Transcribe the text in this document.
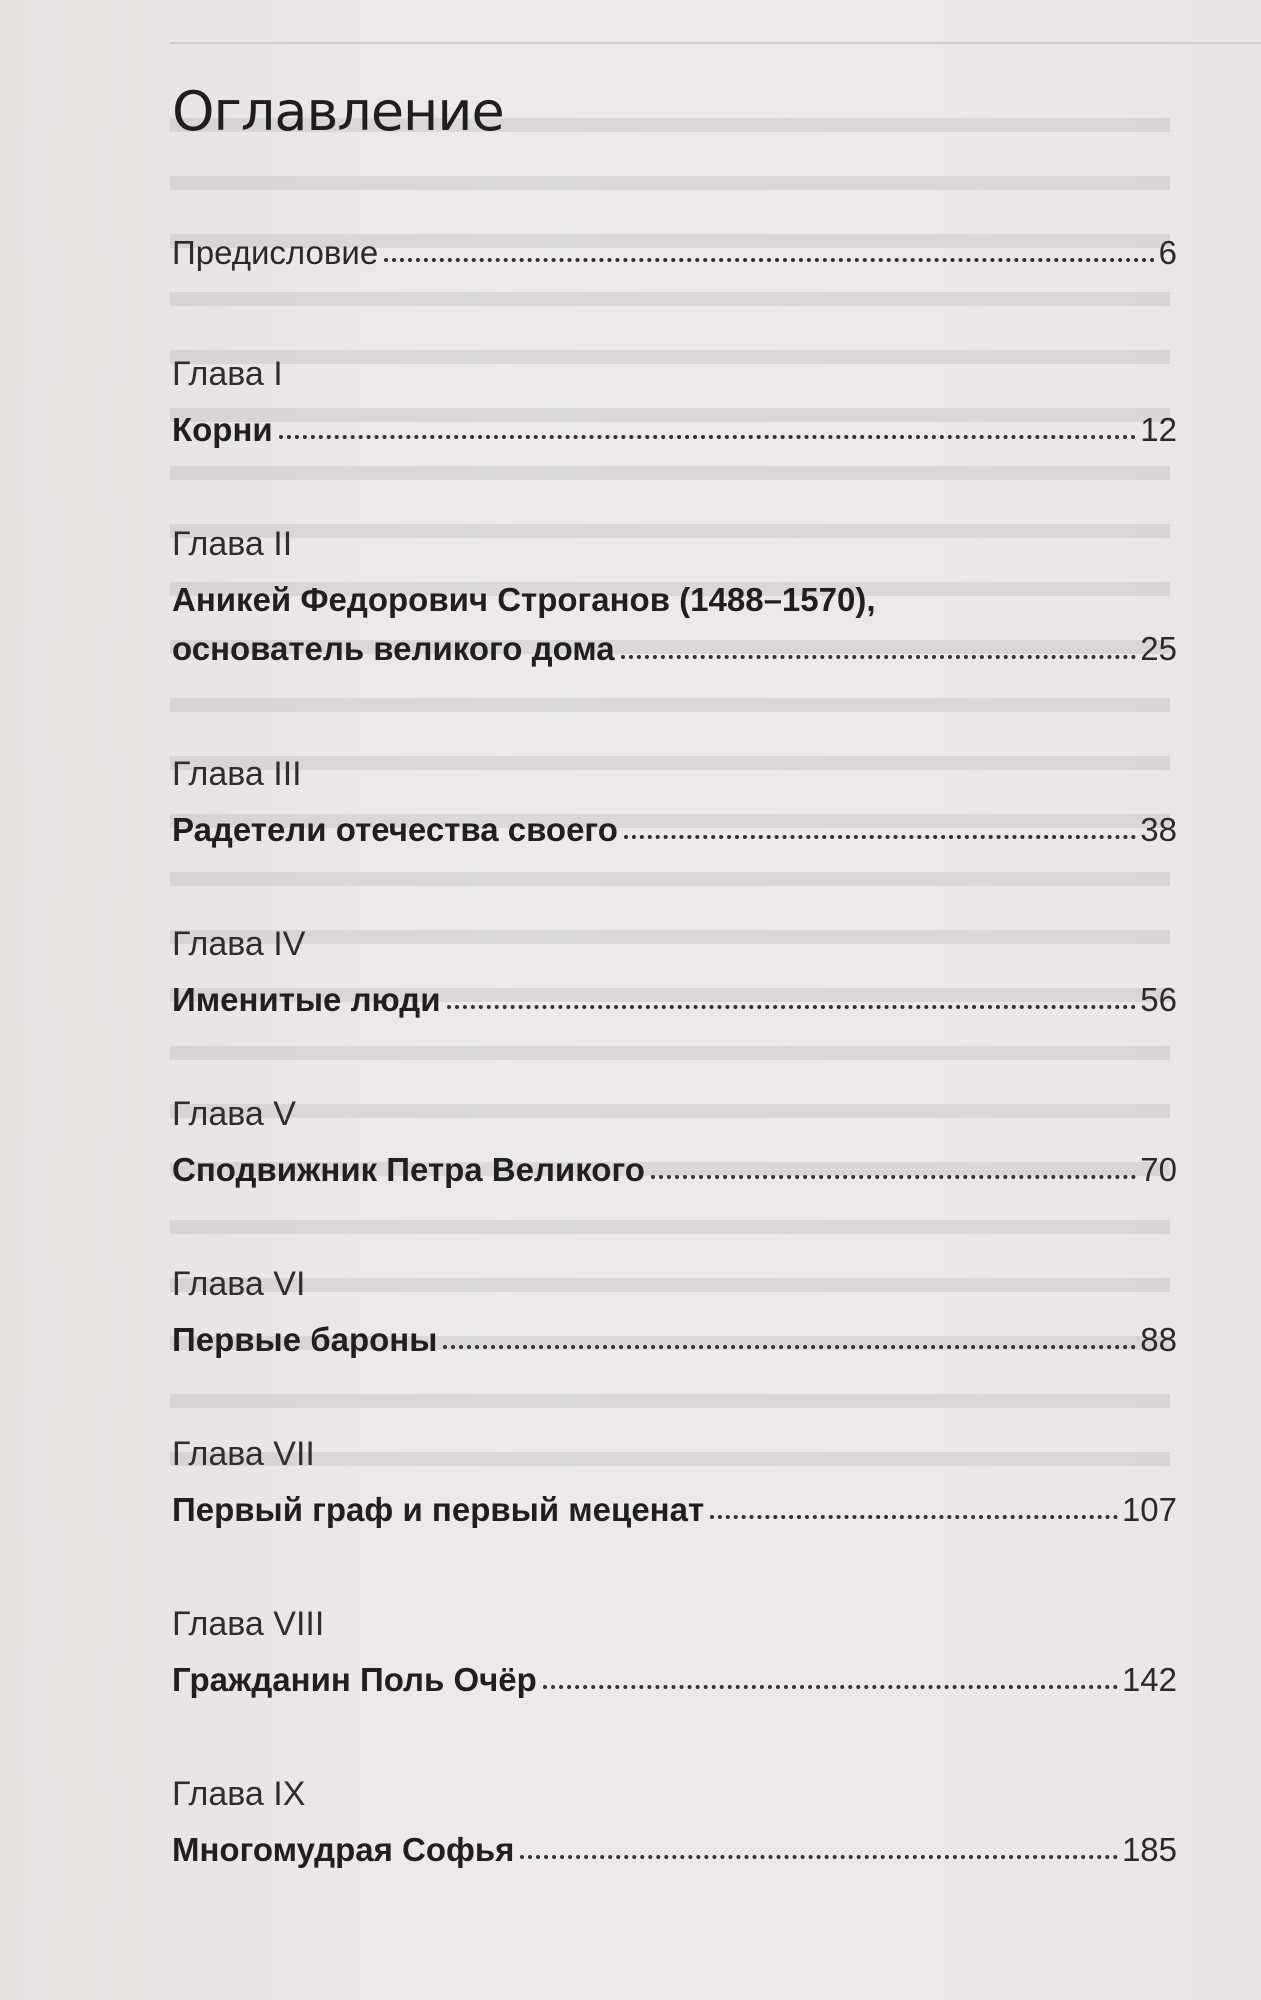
Оглавление
Предисловие	6
Глава I
Корни	12
Глава II
Аникей Федорович Строганов (1488–1570),
основатель великого дома	25
Глава III
Радетели отечества своего	38
Глава IV
Именитые люди	56
Глава V
Сподвижник Петра Великого	70
Глава VI
Первые бароны	88
Глава VII
Первый граф и первый меценат	107
Глава VIII
Гражданин Поль Очёр	142
Глава IX
Многомудрая Софья	185
